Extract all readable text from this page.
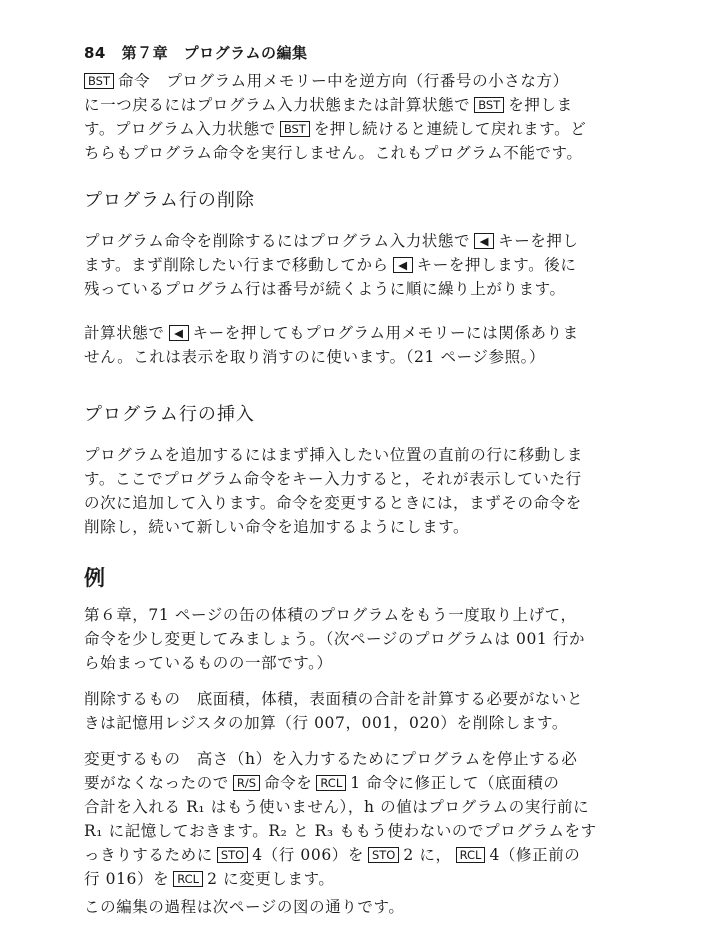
84 第７章　プログラムの編集
BST 命令　 プログラム用メモリー中を逆方向（行番号の小さな方）
に一つ戻るにはプログラム入力状態または計算状態で BST を押しま
す。プログラム入力状態で BST を押し続けると連続して戻れます。ど
ちらもプログラム命令を実行しません。これもプログラム不能です。
プログラム行の削除
プログラム命令を削除するにはプログラム入力状態で ◀ キーを押し
ます。まず削除したい行まで移動してから ◀ キーを押します。後に
残っているプログラム行は番号が続くように順に繰り上がります。
計算状態で ◀ キーを押してもプログラム用メモリーには関係ありま
せん。これは表示を取り消すのに使います。（21 ページ参照。）
プログラム行の挿入
プログラムを追加するにはまず挿入したい位置の直前の行に移動しま
す。ここでプログラム命令をキー入力すると，それが表示していた行
の次に追加して入ります。命令を変更するときには，まずその命令を
削除し，続いて新しい命令を追加するようにします。
例
第６章，71 ページの缶の体積のプログラムをもう一度取り上げて，
命令を少し変更してみましょう。（次ページのプログラムは 001 行か
ら始まっているものの一部です。）
削除するもの　底面積，体積，表面積の合計を計算する必要がないと
きは記憶用レジスタの加算（行 007，001，020）を削除します。
変更するもの　高さ（h）を入力するためにプログラムを停止する必
要がなくなったので R/S 命令を RCL 1 命令に修正して（底面積の
合計を入れる R₁ はもう使いません），h の値はプログラムの実行前に
R₁ に記憶しておきます。R₂ と R₃ ももう使わないのでプログラムをす
っきりするために STO 4（行 006）を STO 2 に， RCL 4（修正前の
行 016）を RCL 2 に変更します。
この編集の過程は次ページの図の通りです。
